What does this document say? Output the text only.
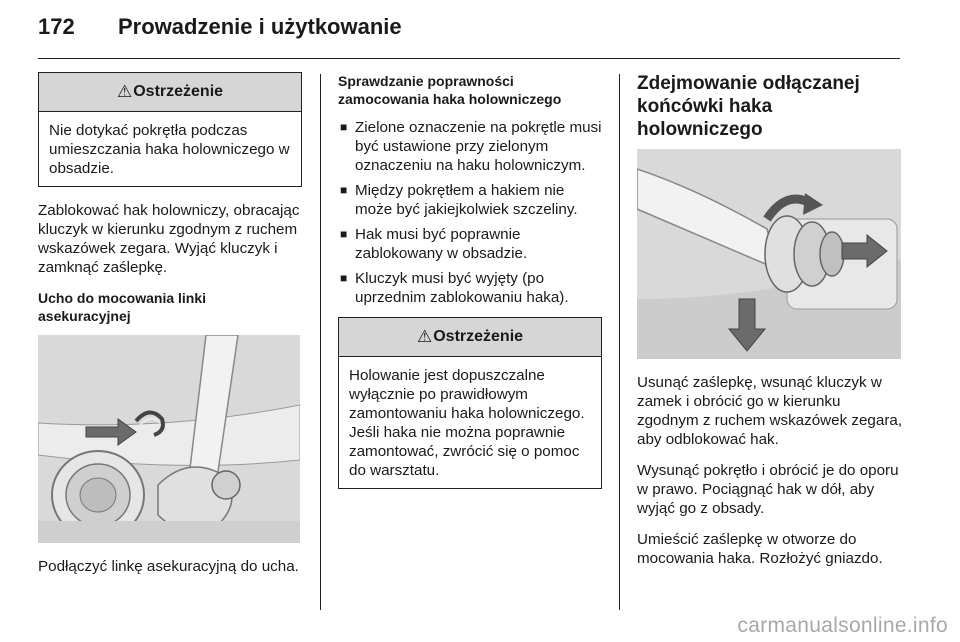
172 Prowadzenie i użytkowanie
⚠Ostrzeżenie
Nie dotykać pokrętła podczas umieszczania haka holowniczego w obsadzie.

Zablokować hak holowniczy, obracając kluczyk w kierunku zgodnym z ruchem wskazówek zegara. Wyjąć kluczyk i zamknąć zaślepkę.

Ucho do mocowania linki asekuracyjnej

Podłączyć linkę asekuracyjną do ucha.

Sprawdzanie poprawności zamocowania haka holowniczego
■ Zielone oznaczenie na pokrętle musi być ustawione przy zielonym oznaczeniu na haku holowniczym.
■ Między pokrętłem a hakiem nie może być jakiejkolwiek szczeliny.
■ Hak musi być poprawnie zablokowany w obsadzie.
■ Kluczyk musi być wyjęty (po uprzednim zablokowaniu haka).
⚠Ostrzeżenie
Holowanie jest dopuszczalne wyłącznie po prawidłowym zamontowaniu haka holowniczego. Jeśli haka nie można poprawnie zamontować, zwrócić się o pomoc do warsztatu.
Zdejmowanie odłączanej końcówki haka holowniczego

Usunąć zaślepkę, wsunąć kluczyk w zamek i obrócić go w kierunku zgodnym z ruchem wskazówek zegara, aby odblokować hak.

Wysunąć pokrętło i obrócić je do oporu w prawo. Pociągnąć hak w dół, aby wyjąć go z obsady.

Umieścić zaślepkę w otworze do mocowania haka. Rozłożyć gniazdo.

carmanualsonline.info
